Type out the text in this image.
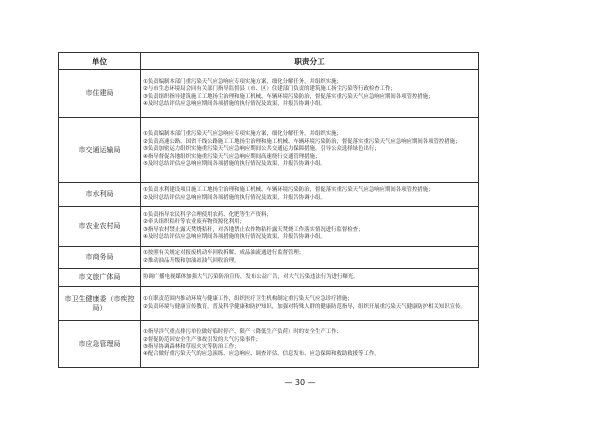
单位	职责分工
市住建局	①负责编制本部门重污染天气应急响应专项实施方案，细化分解任务，并组织实施；
②与市生态环境局会同有关部门指导监督县（市、区）住建部门负责的建筑施工扬尘污染等行政检查工作；
③负责组织指导建筑施工工地扬尘治理和施工机械、车辆环境污染防治，督促落实重污染天气应急响应期间各项管控措施；
④及时总结评估应急响应期间各项措施的执行情况及效果，并报告协调小组。

市交通运输局	①负责编制本部门重污染天气应急响应专项实施方案，细化分解任务，并组织实施；
②负责高速公路、国省干线公路施工工地扬尘治理和施工机械、车辆环境污染防治，督促落实重污染天气应急响应期间各项管控措施；
③负责加密运力组织实施重污染天气应急响应期间公共交通运力保障措施，引导公众选择绿色出行；
④指导督促各地组织实施重污染天气应急响应期间高速绕行交通管理措施；
⑤及时总结评估应急响应期间各项措施的执行情况及效果，并报告协调小组。

市水利局	①负责水利建设项目施工工地扬尘治理和施工机械、车辆环境污染防治，督促落实重污染天气应急响应期间各项管控措施；
②及时总结评估应急响应期间各项措施的执行情况及效果，并报告协调小组。

市农业农村局	①负责指导农民科学合理使用农药、化肥等生产资料；
②牵头组织秸秆等农业废弃物资源化利用；
③指导农村禁止露天焚烧秸秆，对各地禁止农作物秸秆露天焚烧工作落实情况进行监督检查；
④及时总结评估应急响应期间各项措施的执行情况及效果，并报告协调小组。

市商务局	①按照有关规定对报废机动车回收拆解、成品油流通进行监督管理；
②推动油品升级和加油站油气回收治理。

市文旅广体局	协调广播电视媒体加强大气污染防治宣传，发布公益广告，对大气污染违法行为进行曝光。

市卫生健康委（市疾控局）	①在职责范围内推动环境与健康工作，组织医疗卫生机构制定重污染天气应急诊疗措施；
②负责环境与健康宣传教育，普及科学健康和防护知识，加强对特殊人群的健康防范指导，组织开展重污染天气健康防护相关知识宣传。

市应急管理局	①指导涉气重点排污单位做好临时停产、限产（降低生产负荷）时的安全生产工作；
②督促防范因安全生产事故引发的大气污染事件；
③指导协调森林和草原火灾等防治工作；
④配合做好重污染天气的应急演练、应急响应、调查评估、信息发布、应急保障和救助救援等工作。
— 30 —
